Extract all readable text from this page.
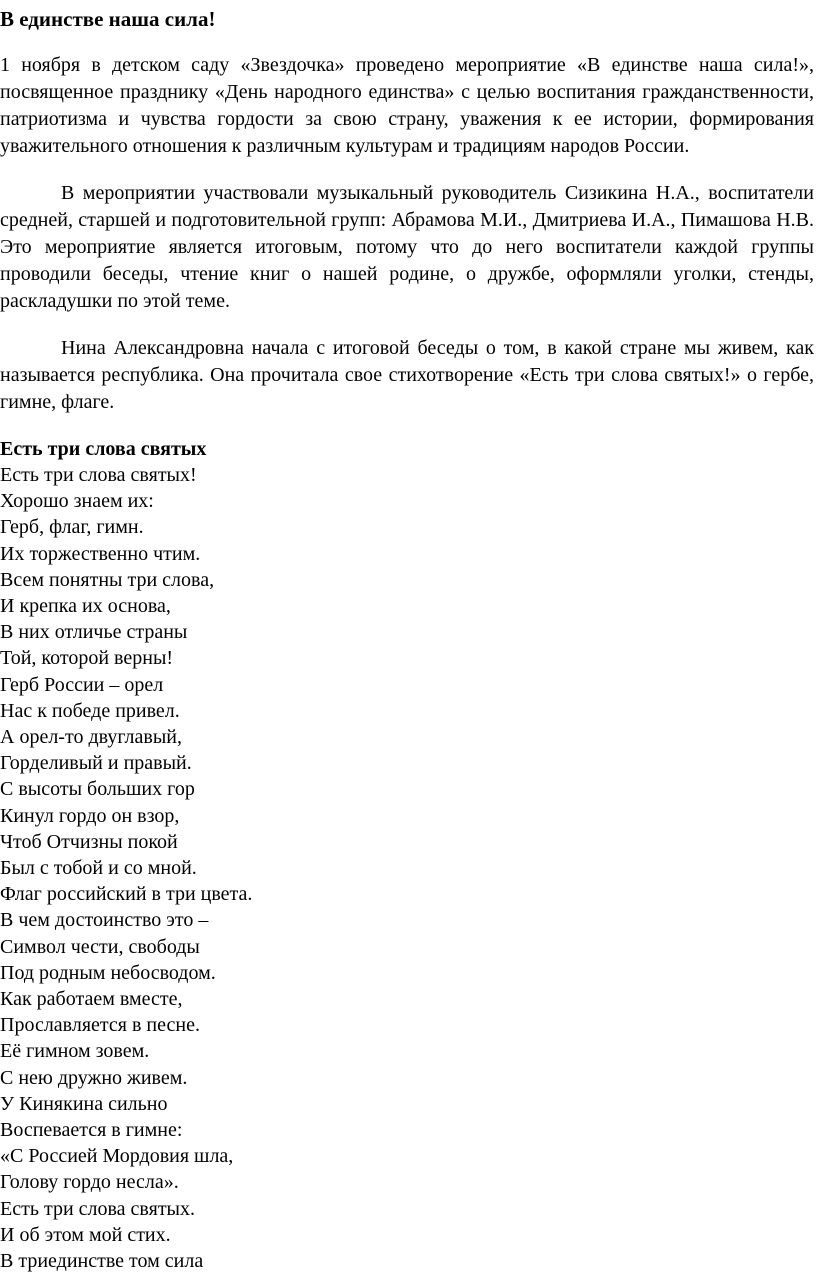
В единстве наша сила!

1 ноября в детском саду «Звездочка» проведено мероприятие «В единстве наша сила!», посвященное празднику «День народного единства» с целью воспитания гражданственности, патриотизма и чувства гордости за свою страну, уважения к ее истории, формирования уважительного отношения к различным культурам и традициям народов России.

В мероприятии участвовали музыкальный руководитель Сизикина Н.А., воспитатели средней, старшей и подготовительной групп: Абрамова М.И., Дмитриева И.А., Пимашова Н.В. Это мероприятие является итоговым, потому что до него воспитатели каждой группы проводили беседы, чтение книг о нашей родине, о дружбе, оформляли уголки, стенды, раскладушки по этой теме.

Нина Александровна начала с итоговой беседы о том, в какой стране мы живем, как называется республика. Она прочитала свое стихотворение «Есть три слова святых!» о гербе, гимне, флаге.

Есть три слова святых

Есть три слова святых!

Хорошо знаем их:

Герб, флаг, гимн.

Их торжественно чтим.

Всем понятны три слова,

И крепка их основа,

В них отличье страны

Той, которой верны!

Герб России – орел

Нас к победе привел.

А орел-то двуглавый,

Горделивый и правый.

С высоты больших гор

Кинул гордо он взор,

Чтоб Отчизны покой

Был с тобой и со мной.

Флаг российский в три цвета.

В чем достоинство это –

Символ чести, свободы

Под родным небосводом.

Как работаем вместе,

Прославляется в песне.

Её гимном зовем.

С нею дружно живем.

У Кинякина сильно

Воспевается в гимне:

«С Россией Мордовия шла,

Голову гордо несла».

Есть три слова святых.

И об этом мой стих.

В триединстве том сила
